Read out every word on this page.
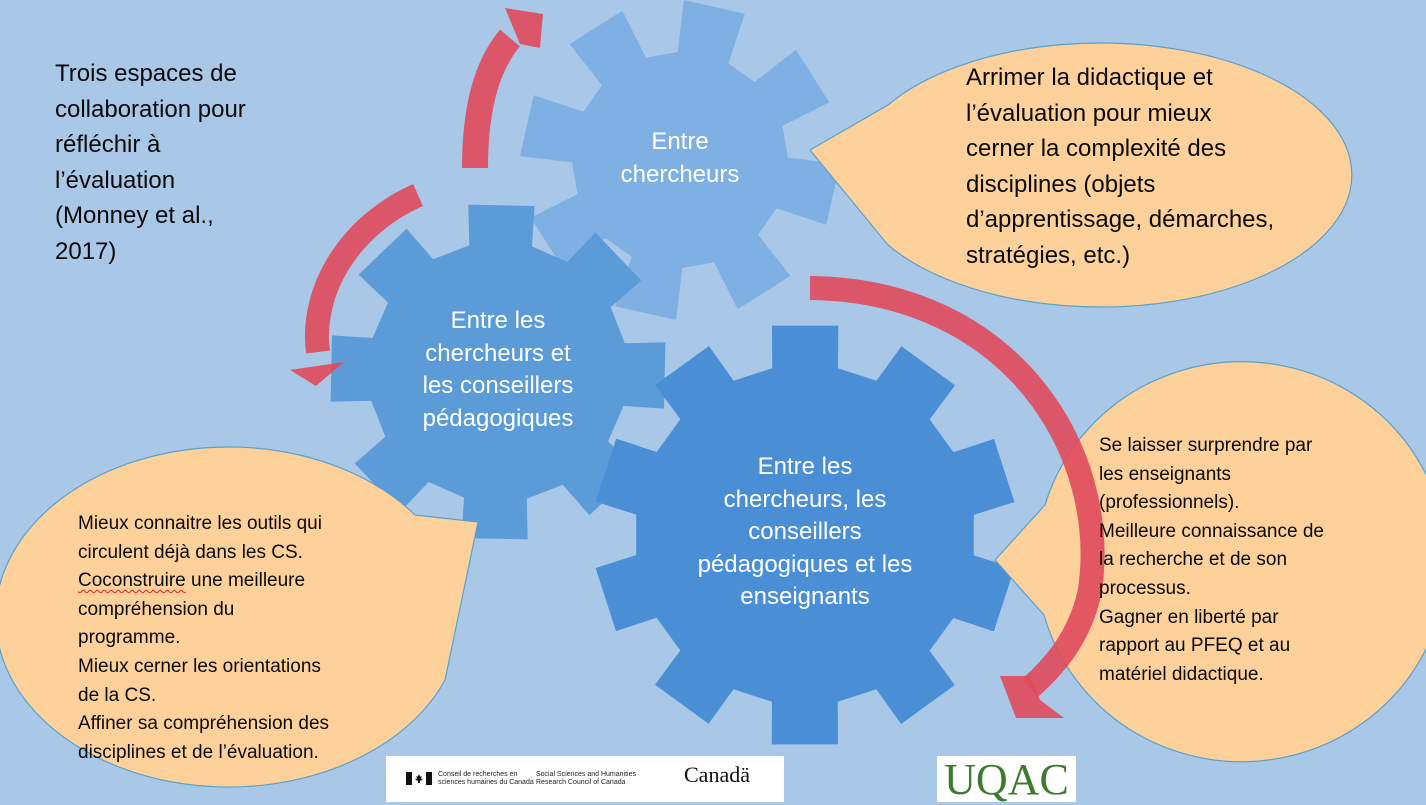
Trois espaces de
collaboration pour
réfléchir à
l’évaluation
(Monney et al.,
2017)
Entre
chercheurs
Entre les
chercheurs et
les conseillers
pédagogiques
Entre les
chercheurs, les
conseillers
pédagogiques et les
enseignants
Arrimer la didactique et
l’évaluation pour mieux
cerner la complexité des
disciplines (objets
d’apprentissage, démarches,
stratégies, etc.)
Mieux connaitre les outils qui
circulent déjà dans les CS.
Coconstruire une meilleure
compréhension du
programme.
Mieux cerner les orientations
de la CS.
Affiner sa compréhension des
disciplines et de l’évaluation.
Se laisser surprendre par
les enseignants
(professionnels).
Meilleure connaissance de
la recherche et de son
processus.
Gagner en liberté par
rapport au PFEQ et au
matériel didactique.
Conseil de recherches en
sciences humaines du Canada
Social Sciences and Humanities
Research Council of Canada	Canadä	UQAC
